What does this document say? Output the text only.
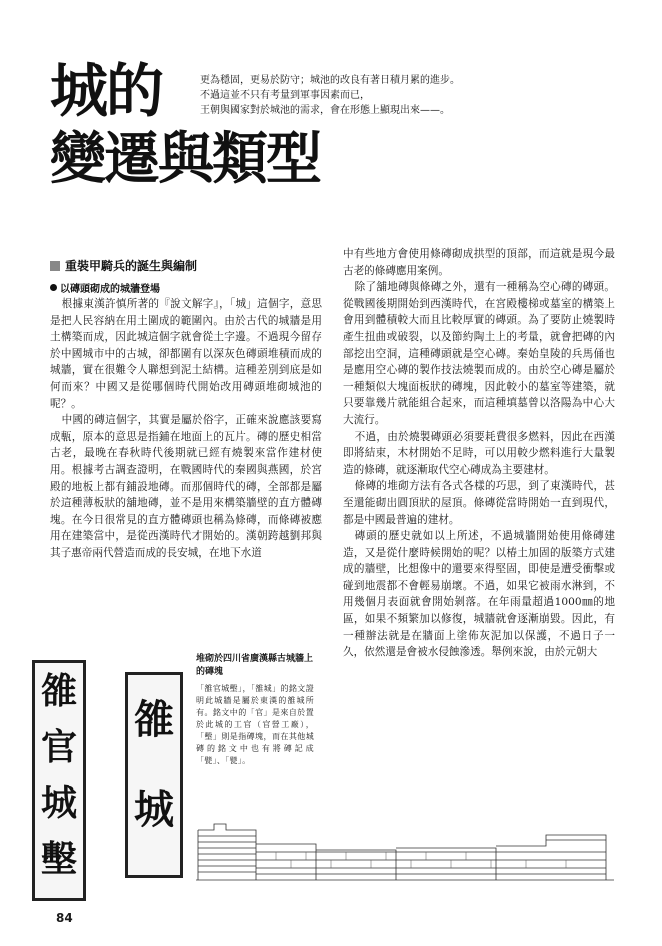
城的
變遷與類型
更為穩固，更易於防守；城池的改良有著日積月累的進步。
不過這並不只有考量到軍事因素而已，
王朝與國家對於城池的需求，會在形態上顯現出來——。
重裝甲騎兵的誕生與編制
以磚頭砌成的城牆登場

根據東漢許慎所著的『說文解字』，「城」這個字，意思是把人民容納在用土圍成的範圍內。由於古代的城牆是用土構築而成，因此城這個字就會從土字邊。不過現今留存於中國城市中的古城，卻都圍有以深灰色磚頭堆積而成的城牆，實在很難令人聯想到泥土結構。這種差別到底是如何而來？中國又是從哪個時代開始改用磚頭堆砌城池的呢？。

中國的磚這個字，其實是屬於俗字，正確來說應該要寫成甎，原本的意思是指鋪在地面上的瓦片。磚的歷史相當古老，最晚在春秋時代後期就已經有燒製來當作建材使用。根據考古調查證明，在戰國時代的秦國與燕國，於宮殿的地板上都有鋪設地磚。而那個時代的磚，全部都是屬於這種薄板狀的舖地磚，並不是用來構築牆壁的直方體磚塊。在今日很常見的直方體磚頭也稱為條磚，而條磚被應用在建築當中，是從西漢時代才開始的。漢朝跨越劉邦與其子惠帝兩代營造而成的長安城，在地下水道

中有些地方會使用條磚砌成拱型的頂部，而這就是現今最古老的條磚應用案例。

除了舖地磚與條磚之外，還有一種稱為空心磚的磚頭。從戰國後期開始到西漢時代，在宮殿樓梯或墓室的構築上會用到體積較大而且比較厚實的磚頭。為了要防止燒製時產生扭曲或破裂，以及節約陶土上的考量，就會把磚的內部挖出空洞，這種磚頭就是空心磚。秦始皇陵的兵馬俑也是應用空心磚的製作技法燒製而成的。由於空心磚是屬於一種類似大塊面板狀的磚塊，因此較小的墓室等建築，就只要靠幾片就能組合起來，而這種填墓曾以洛陽為中心大大流行。

不過，由於燒製磚頭必須要耗費很多燃料，因此在西漢即將結束，木材開始不足時，可以用較少燃料進行大量製造的條磚，就逐漸取代空心磚成為主要建材。

條磚的堆砌方法有各式各樣的巧思，到了東漢時代，甚至還能砌出圓頂狀的屋頂。條磚從當時開始一直到現代，都是中國最普遍的建材。

磚頭的歷史就如以上所述，不過城牆開始使用條磚建造，又是從什麼時候開始的呢？以椿土加固的版築方式建成的牆壁，比想像中的還要來得堅固，即使是遭受衝擊或碰到地震都不會輕易崩壞。不過，如果它被雨水淋到，不用幾個月表面就會開始剝落。在年雨量超過1000㎜的地區，如果不頻繁加以修復，城牆就會逐漸崩毀。因此，有一種辦法就是在牆面上塗佈灰泥加以保護，不過日子一久，依然還是會被水侵蝕滲透。舉例來說，由於元朝大

雒
官
城
墼
雒
城
堆砌於四川省廣漢縣古城牆上的磚塊
「雒官城墼」，「雒城」的銘文證明此城牆是屬於東漢的雒城所有。銘文中的「官」是來自於置於此城的工官（官營工廠），「墼」則是指磚塊，而在其他城磚的銘文中也有將磚記成「甓」、「甓」。
84
